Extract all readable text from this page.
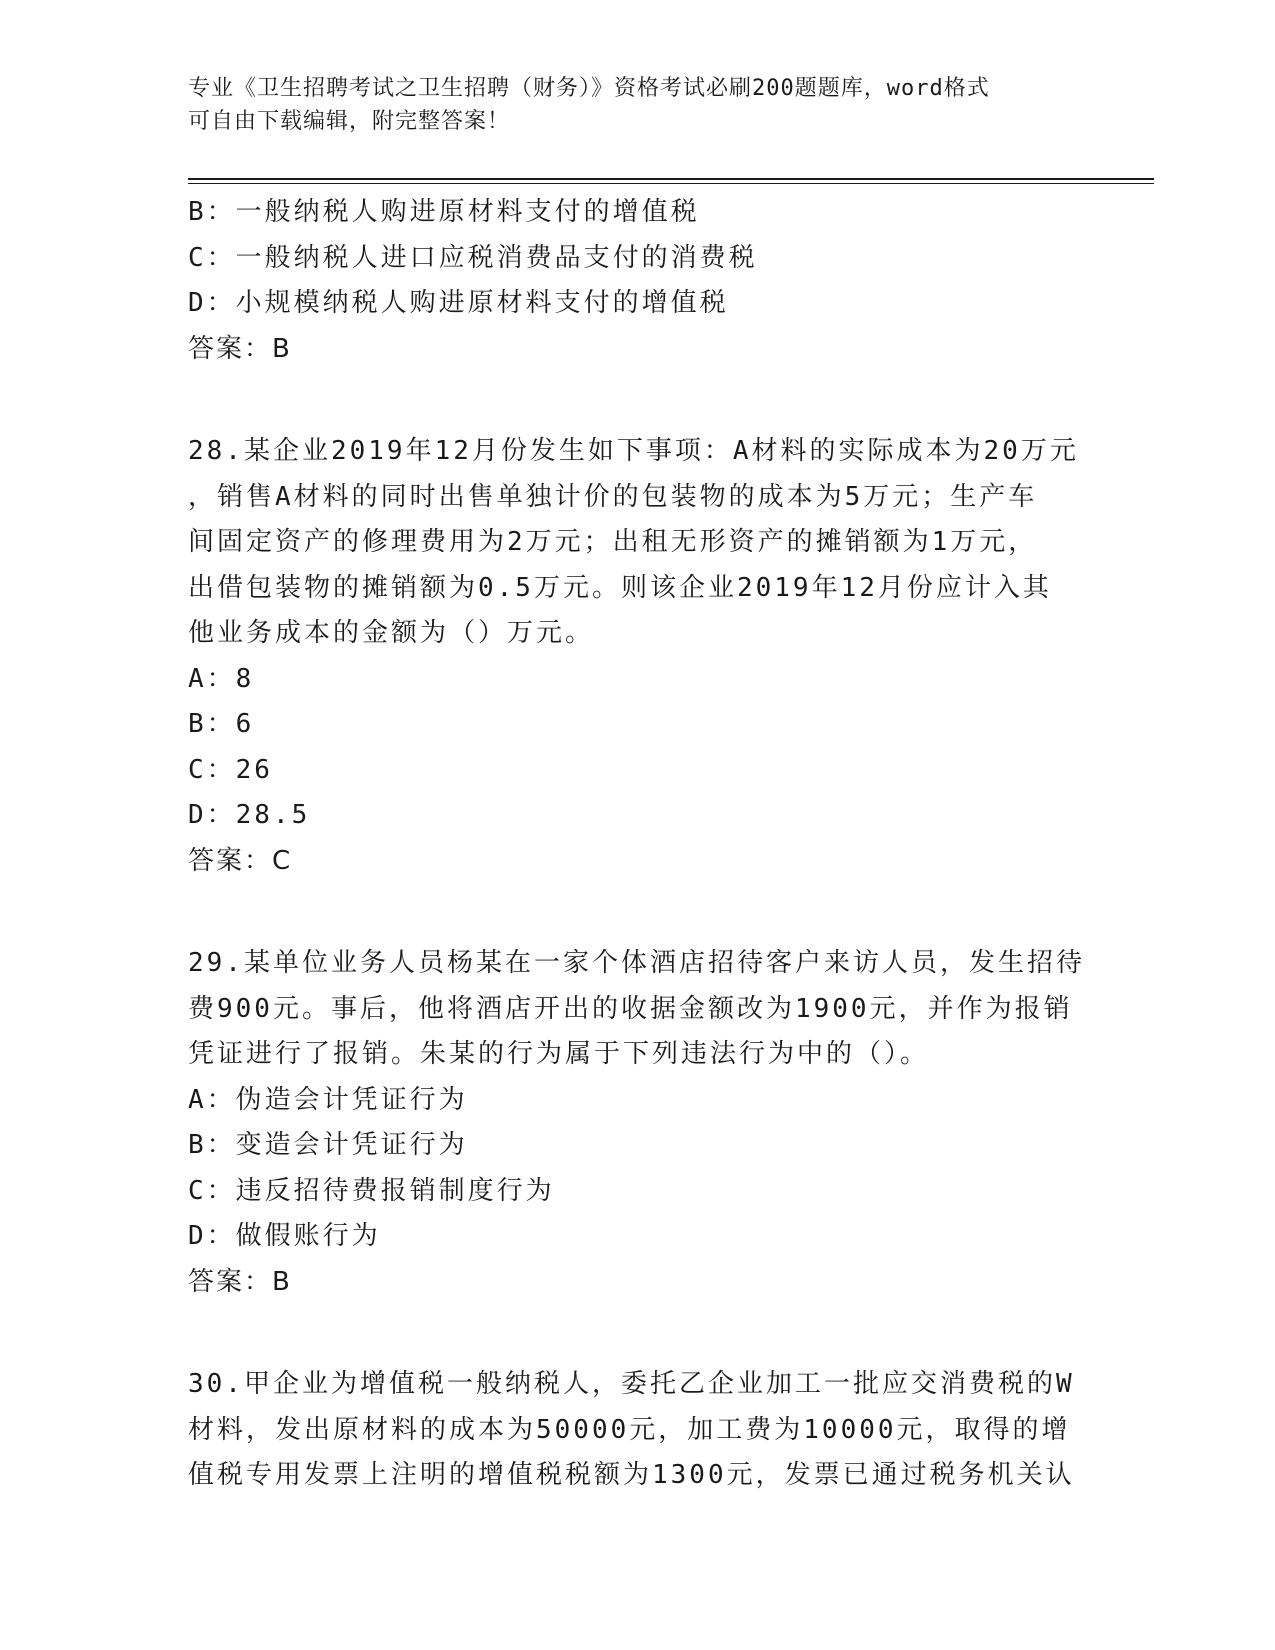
专业《卫生招聘考试之卫生招聘（财务）》资格考试必刷200题题库，word格式
可自由下载编辑，附完整答案！
B：一般纳税人购进原材料支付的增值税
C：一般纳税人进口应税消费品支付的消费税
D：小规模纳税人购进原材料支付的增值税
答案：B
28.某企业2019年12月份发生如下事项：A材料的实际成本为20万元
，销售A材料的同时出售单独计价的包装物的成本为5万元；生产车
间固定资产的修理费用为2万元；出租无形资产的摊销额为1万元，
出借包装物的摊销额为0.5万元。则该企业2019年12月份应计入其
他业务成本的金额为（）万元。
A：8
B：6
C：26
D：28.5
答案：C
29.某单位业务人员杨某在一家个体酒店招待客户来访人员，发生招待
费900元。事后，他将酒店开出的收据金额改为1900元，并作为报销
凭证进行了报销。朱某的行为属于下列违法行为中的（）。
A：伪造会计凭证行为
B：变造会计凭证行为
C：违反招待费报销制度行为
D：做假账行为
答案：B
30.甲企业为增值税一般纳税人，委托乙企业加工一批应交消费税的W
材料，发出原材料的成本为50000元，加工费为10000元，取得的增
值税专用发票上注明的增值税税额为1300元，发票已通过税务机关认
